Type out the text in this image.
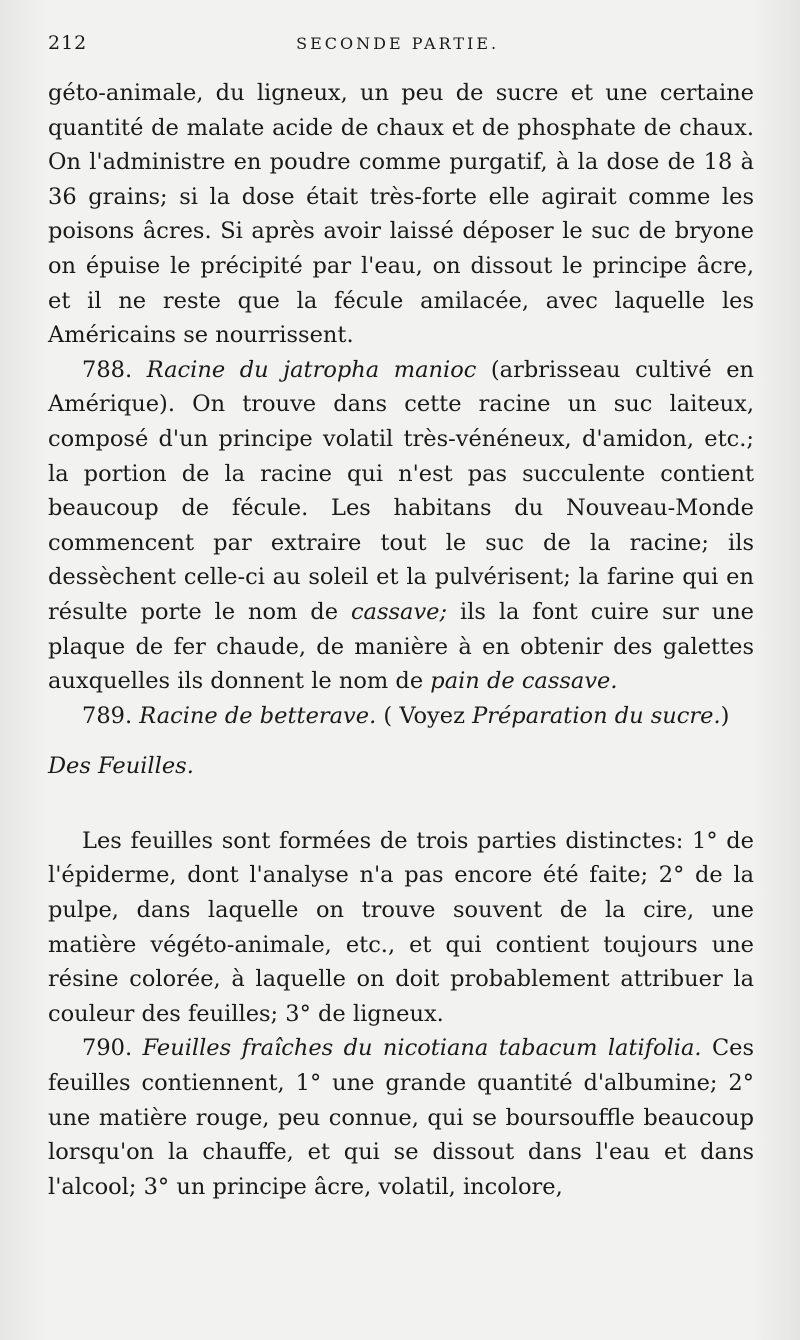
212	SECONDE PARTIE.

géto-animale, du ligneux, un peu de sucre et une certaine quantité de malate acide de chaux et de phosphate de chaux. On l'administre en poudre comme purgatif, à la dose de 18 à 36 grains; si la dose était très-forte elle agirait comme les poisons âcres. Si après avoir laissé déposer le suc de bryone on épuise le précipité par l'eau, on dissout le principe âcre, et il ne reste que la fécule amilacée, avec laquelle les Américains se nourrissent.

788. Racine du jatropha manioc (arbrisseau cultivé en Amérique). On trouve dans cette racine un suc laiteux, composé d'un principe volatil très-vénéneux, d'amidon, etc.; la portion de la racine qui n'est pas succulente contient beaucoup de fécule. Les habitans du Nouveau-Monde commencent par extraire tout le suc de la racine; ils dessèchent celle-ci au soleil et la pulvérisent; la farine qui en résulte porte le nom de cassave; ils la font cuire sur une plaque de fer chaude, de manière à en obtenir des galettes auxquelles ils donnent le nom de pain de cassave.

789. Racine de betterave. ( Voyez Préparation du sucre.)

Des Feuilles.

Les feuilles sont formées de trois parties distinctes: 1° de l'épiderme, dont l'analyse n'a pas encore été faite; 2° de la pulpe, dans laquelle on trouve souvent de la cire, une matière végéto-animale, etc., et qui contient toujours une résine colorée, à laquelle on doit probablement attribuer la couleur des feuilles; 3° de ligneux.

790. Feuilles fraîches du nicotiana tabacum latifolia. Ces feuilles contiennent, 1° une grande quantité d'albumine; 2° une matière rouge, peu connue, qui se boursouffle beaucoup lorsqu'on la chauffe, et qui se dissout dans l'eau et dans l'alcool; 3° un principe âcre, volatil, incolore,
